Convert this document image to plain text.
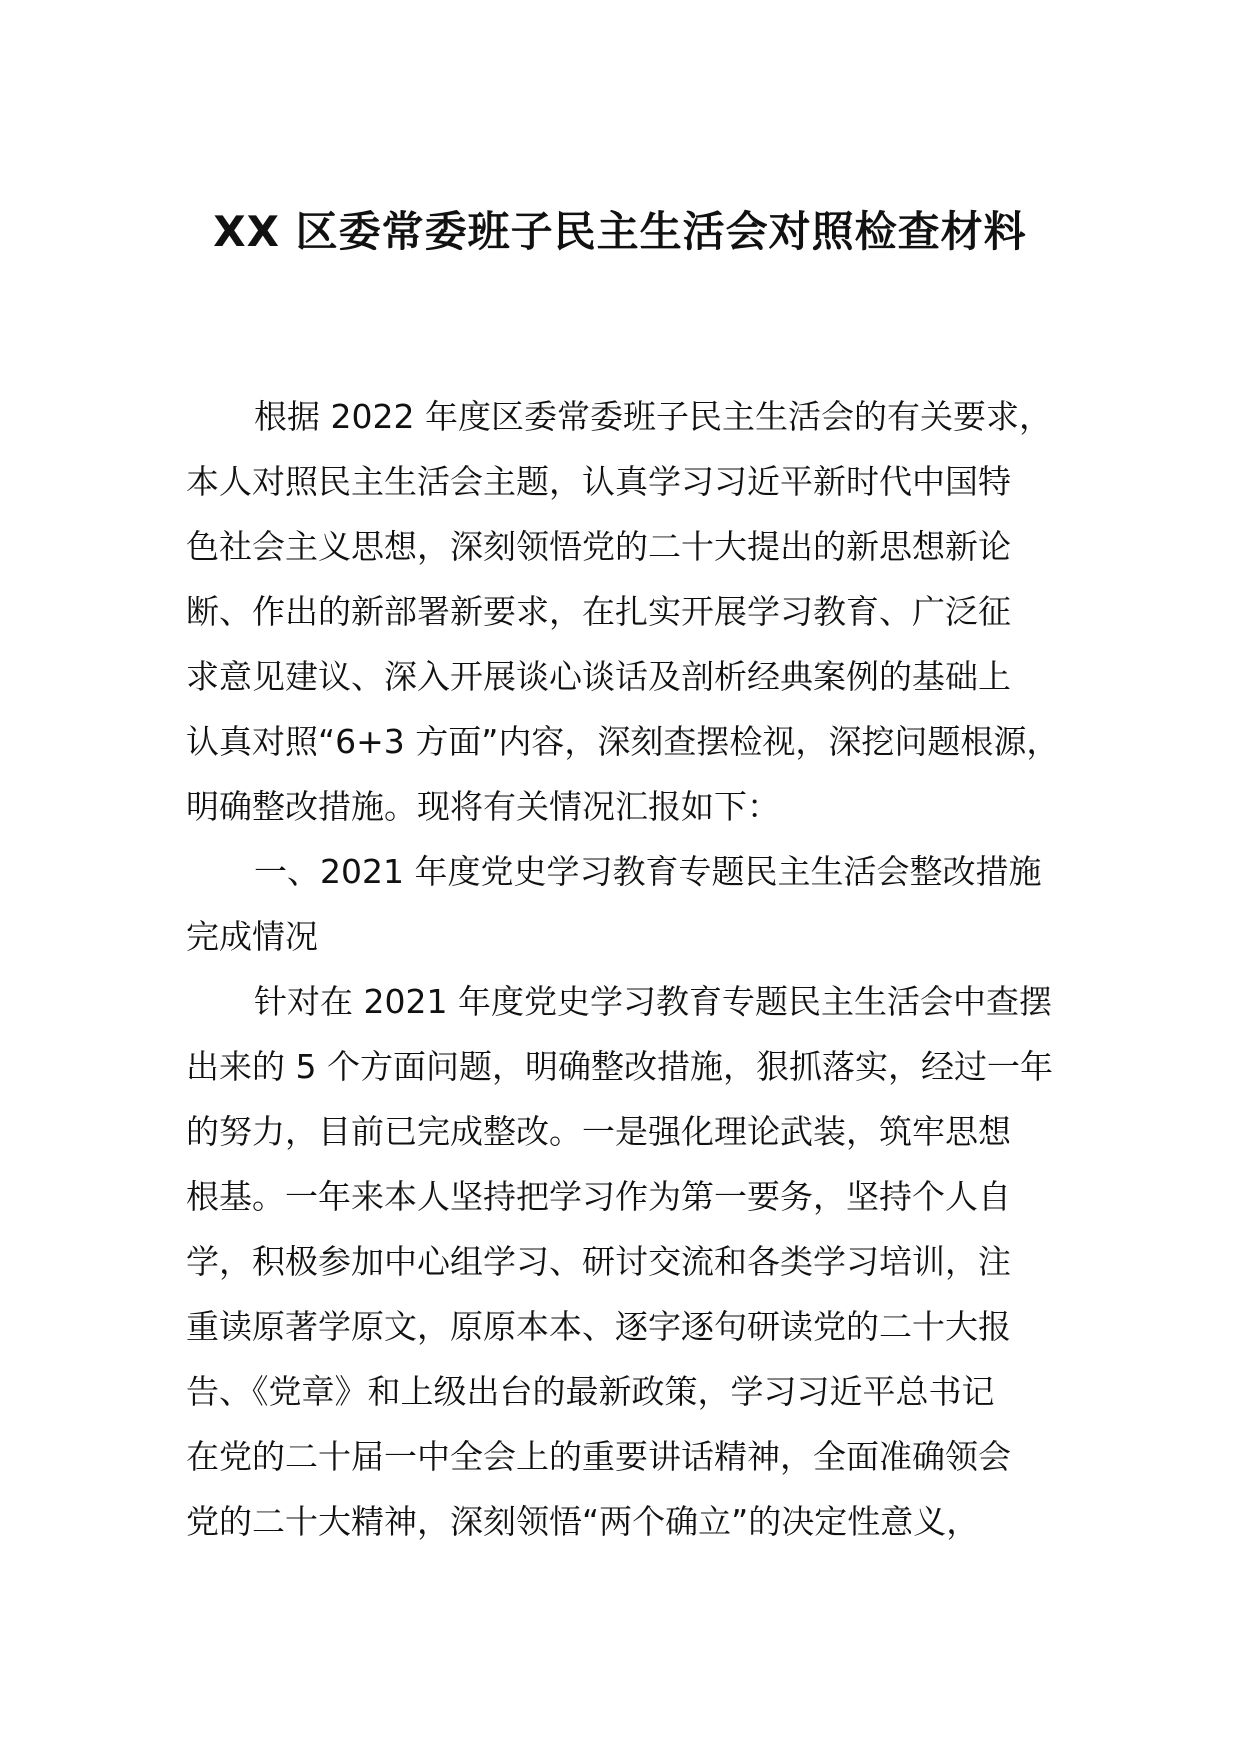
XX 区委常委班子民主生活会对照检查材料
根据 2022 年度区委常委班子民主生活会的有关要求，
本人对照民主生活会主题，认真学习习近平新时代中国特
色社会主义思想，深刻领悟党的二十大提出的新思想新论
断、作出的新部署新要求，在扎实开展学习教育、广泛征
求意见建议、深入开展谈心谈话及剖析经典案例的基础上
认真对照“6+3 方面”内容，深刻查摆检视，深挖问题根源，
明确整改措施。现将有关情况汇报如下：
一、2021 年度党史学习教育专题民主生活会整改措施
完成情况
针对在 2021 年度党史学习教育专题民主生活会中查摆
出来的 5 个方面问题，明确整改措施，狠抓落实，经过一年
的努力，目前已完成整改。一是强化理论武装，筑牢思想
根基。一年来本人坚持把学习作为第一要务，坚持个人自
学，积极参加中心组学习、研讨交流和各类学习培训，注
重读原著学原文，原原本本、逐字逐句研读党的二十大报
告、《党章》和上级出台的最新政策，学习习近平总书记
在党的二十届一中全会上的重要讲话精神，全面准确领会
党的二十大精神，深刻领悟“两个确立”的决定性意义，
